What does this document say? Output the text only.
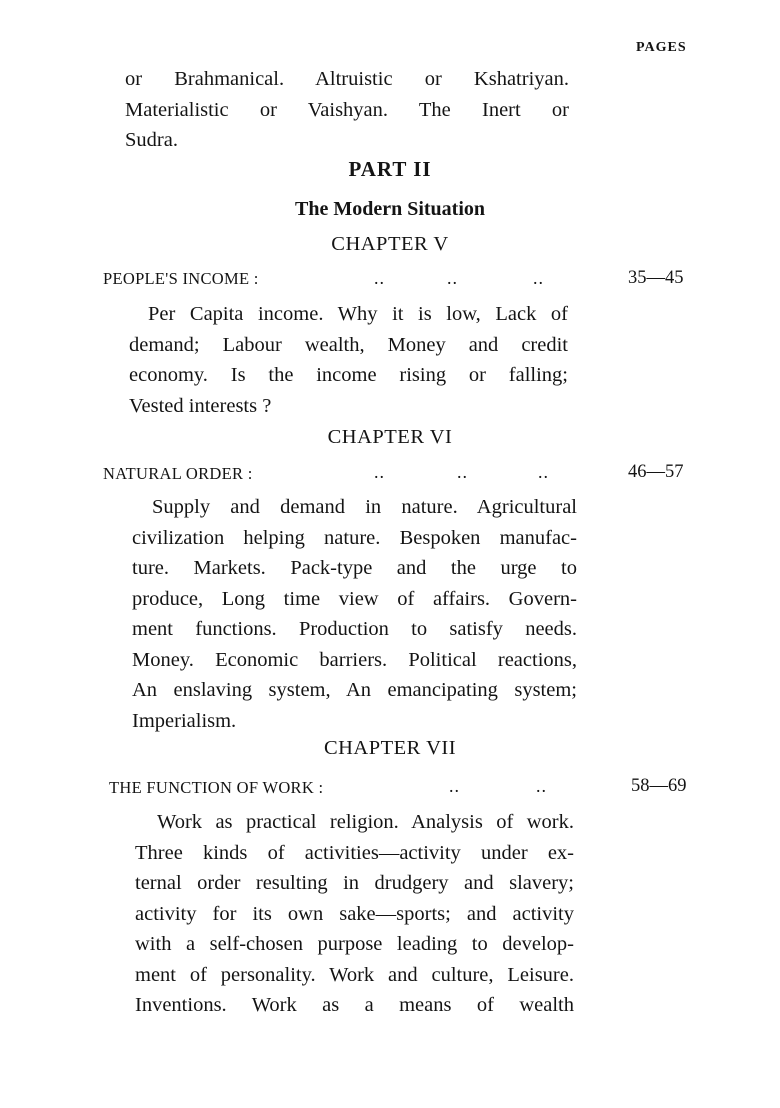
PAGES
or Brahmanical. Altruistic or Kshatriyan.
Materialistic or Vaishyan. The Inert or
Sudra.
PART II
The Modern Situation
CHAPTER V
PEOPLE'S INCOME :	..	..	..	35—45
Per Capita income. Why it is low, Lack of
demand; Labour wealth, Money and credit
economy. Is the income rising or falling;
Vested interests ?
CHAPTER VI
NATURAL ORDER :	..	..	..	46—57
Supply and demand in nature. Agricultural
civilization helping nature. Bespoken manufac-
ture. Markets. Pack-type and the urge to
produce, Long time view of affairs. Govern-
ment functions. Production to satisfy needs.
Money. Economic barriers. Political reactions,
An enslaving system, An emancipating system;
Imperialism.
CHAPTER VII
THE FUNCTION OF WORK :	..	..	58—69
Work as practical religion. Analysis of work.
Three kinds of activities—activity under ex-
ternal order resulting in drudgery and slavery;
activity for its own sake—sports; and activity
with a self-chosen purpose leading to develop-
ment of personality. Work and culture, Leisure.
Inventions. Work as a means of wealth
